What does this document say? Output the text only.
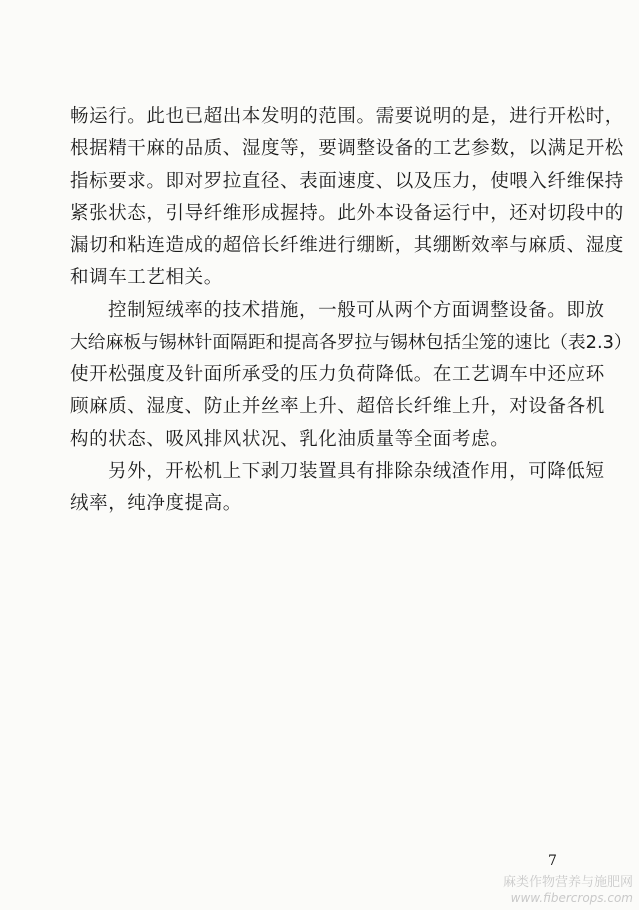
畅运行。此也已超出本发明的范围。需要说明的是，进行开松时，
根据精干麻的品质、湿度等，要调整设备的工艺参数，以满足开松
指标要求。即对罗拉直径、表面速度、以及压力，使喂入纤维保持
紧张状态，引导纤维形成握持。此外本设备运行中，还对切段中的
漏切和粘连造成的超倍长纤维进行绷断，其绷断效率与麻质、湿度
和调车工艺相关。
控制短绒率的技术措施，一般可从两个方面调整设备。即放
大给麻板与锡林针面隔距和提高各罗拉与锡林包括尘笼的速比（表2.3）
使开松强度及针面所承受的压力负荷降低。在工艺调车中还应环
顾麻质、湿度、防止并丝率上升、超倍长纤维上升，对设备各机
构的状态、吸风排风状况、乳化油质量等全面考虑。
另外，开松机上下剥刀装置具有排除杂绒渣作用，可降低短
绒率，纯净度提高。
7
麻类作物营养与施肥网
www.fibercrops.com
